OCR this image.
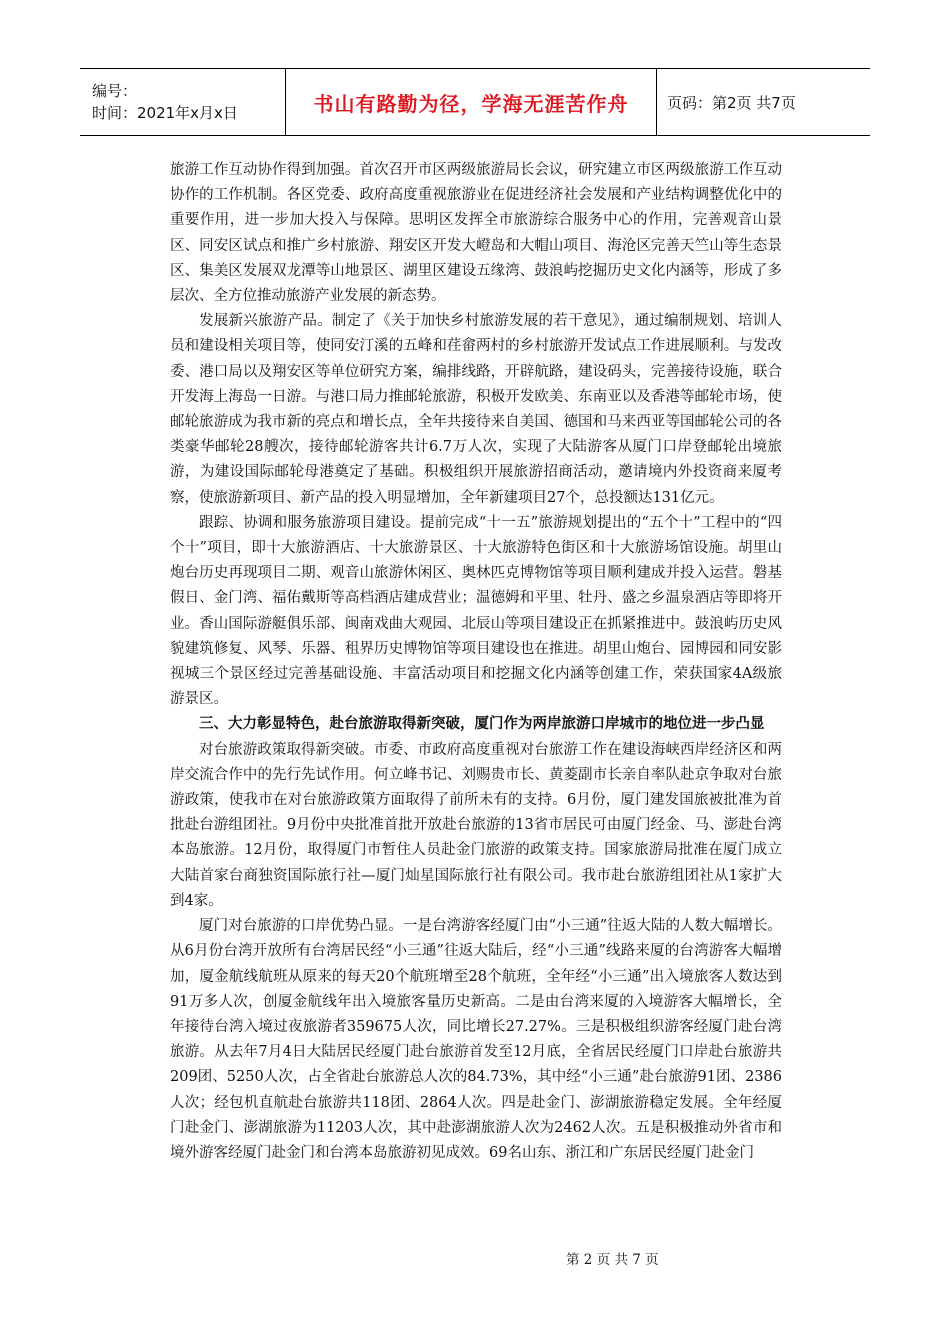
编号：
时间：2021年x月x日	书山有路勤为径，学海无涯苦作舟	页码：第2页 共7页

旅游工作互动协作得到加强。首次召开市区两级旅游局长会议，研究建立市区两级旅游工作互动协作的工作机制。各区党委、政府高度重视旅游业在促进经济社会发展和产业结构调整优化中的重要作用，进一步加大投入与保障。思明区发挥全市旅游综合服务中心的作用，完善观音山景区、同安区试点和推广乡村旅游、翔安区开发大嶝岛和大帽山项目、海沧区完善天竺山等生态景区、集美区发展双龙潭等山地景区、湖里区建设五缘湾、鼓浪屿挖掘历史文化内涵等，形成了多层次、全方位推动旅游产业发展的新态势。

发展新兴旅游产品。制定了《关于加快乡村旅游发展的若干意见》，通过编制规划、培训人员和建设相关项目等，使同安汀溪的五峰和荏畲两村的乡村旅游开发试点工作进展顺利。与发改委、港口局以及翔安区等单位研究方案，编排线路，开辟航路，建设码头，完善接待设施，联合开发海上海岛一日游。与港口局力推邮轮旅游，积极开发欧美、东南亚以及香港等邮轮市场，使邮轮旅游成为我市新的亮点和增长点，全年共接待来自美国、德国和马来西亚等国邮轮公司的各类豪华邮轮28艘次，接待邮轮游客共计6.7万人次，实现了大陆游客从厦门口岸登邮轮出境旅游，为建设国际邮轮母港奠定了基础。积极组织开展旅游招商活动，邀请境内外投资商来厦考察，使旅游新项目、新产品的投入明显增加，全年新建项目27个，总投额达131亿元。

跟踪、协调和服务旅游项目建设。提前完成“十一五”旅游规划提出的“五个十”工程中的“四个十”项目，即十大旅游酒店、十大旅游景区、十大旅游特色街区和十大旅游场馆设施。胡里山炮台历史再现项目二期、观音山旅游休闲区、奥林匹克博物馆等项目顺利建成并投入运营。磐基假日、金门湾、福佑戴斯等高档酒店建成营业；温德姆和平里、牡丹、盛之乡温泉酒店等即将开业。香山国际游艇俱乐部、闽南戏曲大观园、北辰山等项目建设正在抓紧推进中。鼓浪屿历史风貌建筑修复、风琴、乐器、租界历史博物馆等项目建设也在推进。胡里山炮台、园博园和同安影视城三个景区经过完善基础设施、丰富活动项目和挖掘文化内涵等创建工作，荣获国家4A级旅游景区。

三、大力彰显特色，赴台旅游取得新突破，厦门作为两岸旅游口岸城市的地位进一步凸显

对台旅游政策取得新突破。市委、市政府高度重视对台旅游工作在建设海峡西岸经济区和两岸交流合作中的先行先试作用。何立峰书记、刘赐贵市长、黄菱副市长亲自率队赴京争取对台旅游政策，使我市在对台旅游政策方面取得了前所未有的支持。6月份，厦门建发国旅被批准为首批赴台游组团社。9月份中央批准首批开放赴台旅游的13省市居民可由厦门经金、马、澎赴台湾本岛旅游。12月份，取得厦门市暂住人员赴金门旅游的政策支持。国家旅游局批准在厦门成立大陆首家台商独资国际旅行社—厦门灿星国际旅行社有限公司。我市赴台旅游组团社从1家扩大到4家。

厦门对台旅游的口岸优势凸显。一是台湾游客经厦门由“小三通”往返大陆的人数大幅增长。从6月份台湾开放所有台湾居民经“小三通”往返大陆后，经“小三通”线路来厦的台湾游客大幅增加，厦金航线航班从原来的每天20个航班增至28个航班，全年经“小三通”出入境旅客人数达到91万多人次，创厦金航线年出入境旅客量历史新高。二是由台湾来厦的入境游客大幅增长，全年接待台湾入境过夜旅游者359675人次，同比增长27.27%。三是积极组织游客经厦门赴台湾旅游。从去年7月4日大陆居民经厦门赴台旅游首发至12月底，全省居民经厦门口岸赴台旅游共209团、5250人次，占全省赴台旅游总人次的84.73%，其中经“小三通”赴台旅游91团、2386人次；经包机直航赴台旅游共118团、2864人次。四是赴金门、澎湖旅游稳定发展。全年经厦门赴金门、澎湖旅游为11203人次，其中赴澎湖旅游人次为2462人次。五是积极推动外省市和境外游客经厦门赴金门和台湾本岛旅游初见成效。69名山东、浙江和广东居民经厦门赴金门

第 2 页 共 7 页
